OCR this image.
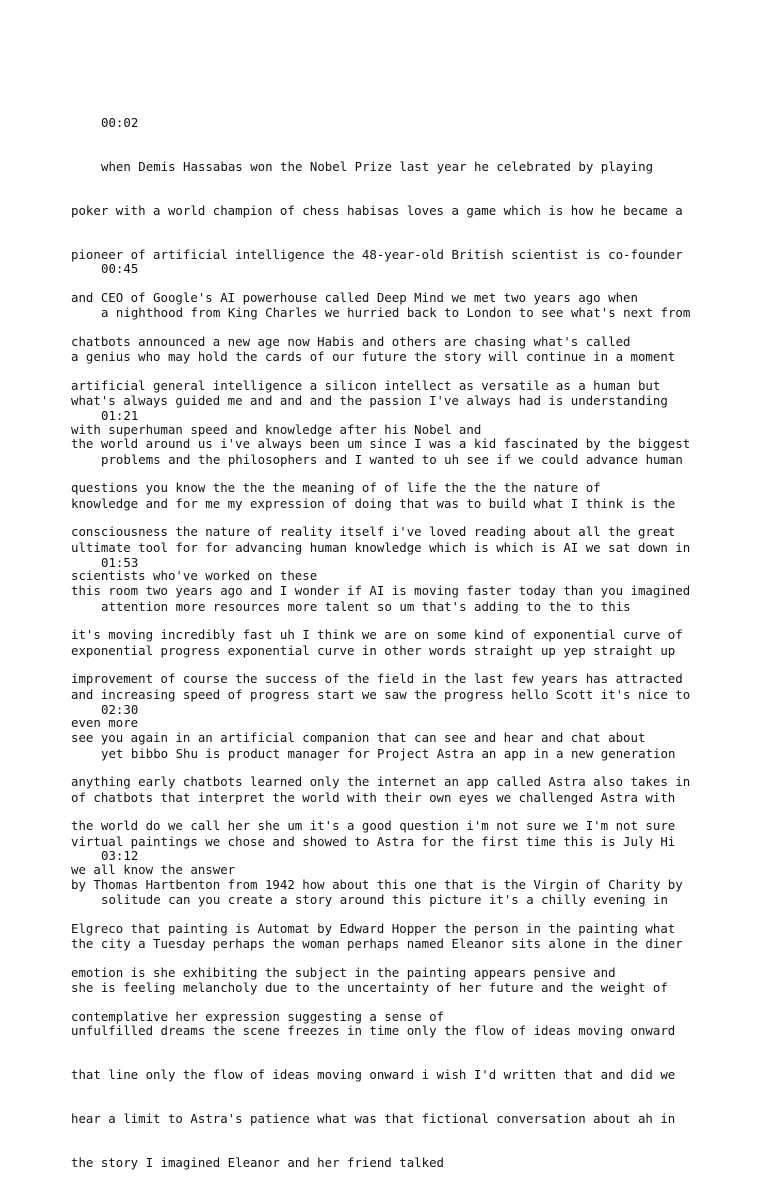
00:02

when Demis Hassabas won the Nobel Prize last year he celebrated by playing

poker with a world champion of chess habisas loves a game which is how he became a

pioneer of artificial intelligence the 48-year-old British scientist is co-founder

and CEO of Google's AI powerhouse called Deep Mind we met two years ago when

chatbots announced a new age now Habis and others are chasing what's called

artificial general intelligence a silicon intellect as versatile as a human but

with superhuman speed and knowledge after his Nobel and

00:45

a nighthood from King Charles we hurried back to London to see what's next from

a genius who may hold the cards of our future the story will continue in a moment

what's always guided me and and and the passion I've always had is understanding

the world around us i've always been um since I was a kid fascinated by the biggest

questions you know the the the meaning of of life the the the nature of

consciousness the nature of reality itself i've loved reading about all the great

scientists who've worked on these

01:21

problems and the philosophers and I wanted to uh see if we could advance human

knowledge and for me my expression of doing that was to build what I think is the

ultimate tool for for advancing human knowledge which is which is AI we sat down in

this room two years ago and I wonder if AI is moving faster today than you imagined

it's moving incredibly fast uh I think we are on some kind of exponential curve of

improvement of course the success of the field in the last few years has attracted

even more

01:53

attention more resources more talent so um that's adding to the to this

exponential progress exponential curve in other words straight up yep straight up

and increasing speed of progress start we saw the progress hello Scott it's nice to

see you again in an artificial companion that can see and hear and chat about

anything early chatbots learned only the internet an app called Astra also takes in

the world do we call her she um it's a good question i'm not sure we I'm not sure

we all know the answer

02:30

yet bibbo Shu is product manager for Project Astra an app in a new generation

of chatbots that interpret the world with their own eyes we challenged Astra with

virtual paintings we chose and showed to Astra for the first time this is July Hi

by Thomas Hartbenton from 1942 how about this one that is the Virgin of Charity by

Elgreco that painting is Automat by Edward Hopper the person in the painting what

emotion is she exhibiting the subject in the painting appears pensive and

contemplative her expression suggesting a sense of

03:12

solitude can you create a story around this picture it's a chilly evening in

the city a Tuesday perhaps the woman perhaps named Eleanor sits alone in the diner

she is feeling melancholy due to the uncertainty of her future and the weight of

unfulfilled dreams the scene freezes in time only the flow of ideas moving onward

that line only the flow of ideas moving onward i wish I'd written that and did we

hear a limit to Astra's patience what was that fictional conversation about ah in

the story I imagined Eleanor and her friend talked
